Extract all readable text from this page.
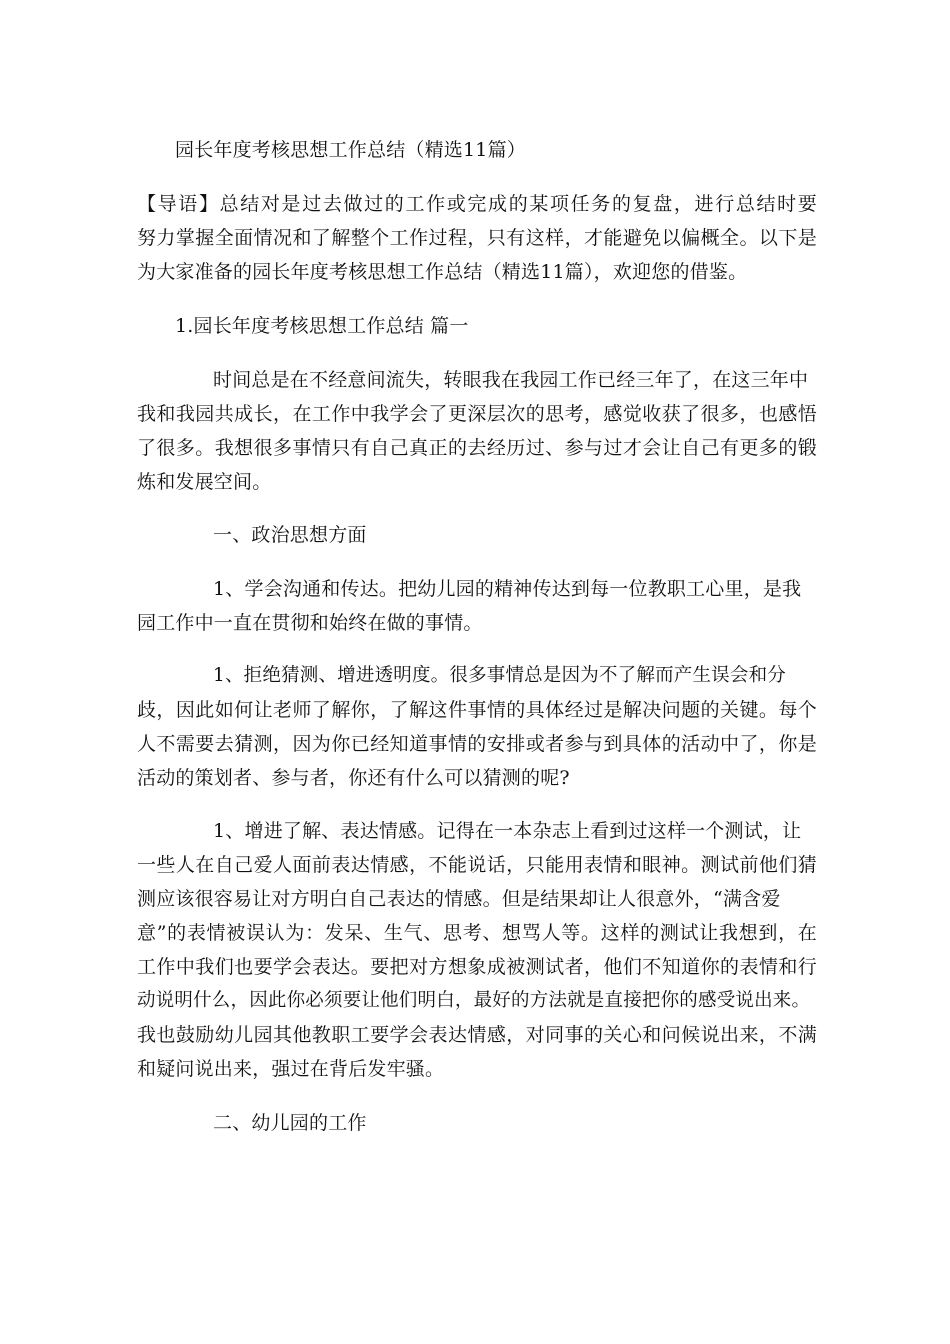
园长年度考核思想工作总结（精选11篇）
【导语】总结对是过去做过的工作或完成的某项任务的复盘，进行总结时要
努力掌握全面情况和了解整个工作过程，只有这样，才能避免以偏概全。以下是
为大家准备的园长年度考核思想工作总结（精选11篇），欢迎您的借鉴。
1.园长年度考核思想工作总结 篇一
时间总是在不经意间流失，转眼我在我园工作已经三年了，在这三年中
我和我园共成长，在工作中我学会了更深层次的思考，感觉收获了很多，也感悟
了很多。我想很多事情只有自己真正的去经历过、参与过才会让自己有更多的锻
炼和发展空间。
一、政治思想方面
1、学会沟通和传达。把幼儿园的精神传达到每一位教职工心里，是我
园工作中一直在贯彻和始终在做的事情。
1、拒绝猜测、增进透明度。很多事情总是因为不了解而产生误会和分
歧，因此如何让老师了解你，了解这件事情的具体经过是解决问题的关键。每个
人不需要去猜测，因为你已经知道事情的安排或者参与到具体的活动中了，你是
活动的策划者、参与者，你还有什么可以猜测的呢?
1、增进了解、表达情感。记得在一本杂志上看到过这样一个测试，让
一些人在自己爱人面前表达情感，不能说话，只能用表情和眼神。测试前他们猜
测应该很容易让对方明白自己表达的情感。但是结果却让人很意外，“满含爱
意”的表情被误认为：发呆、生气、思考、想骂人等。这样的测试让我想到，在
工作中我们也要学会表达。要把对方想象成被测试者，他们不知道你的表情和行
动说明什么，因此你必须要让他们明白，最好的方法就是直接把你的感受说出来。
我也鼓励幼儿园其他教职工要学会表达情感，对同事的关心和问候说出来，不满
和疑问说出来，强过在背后发牢骚。
二、幼儿园的工作
